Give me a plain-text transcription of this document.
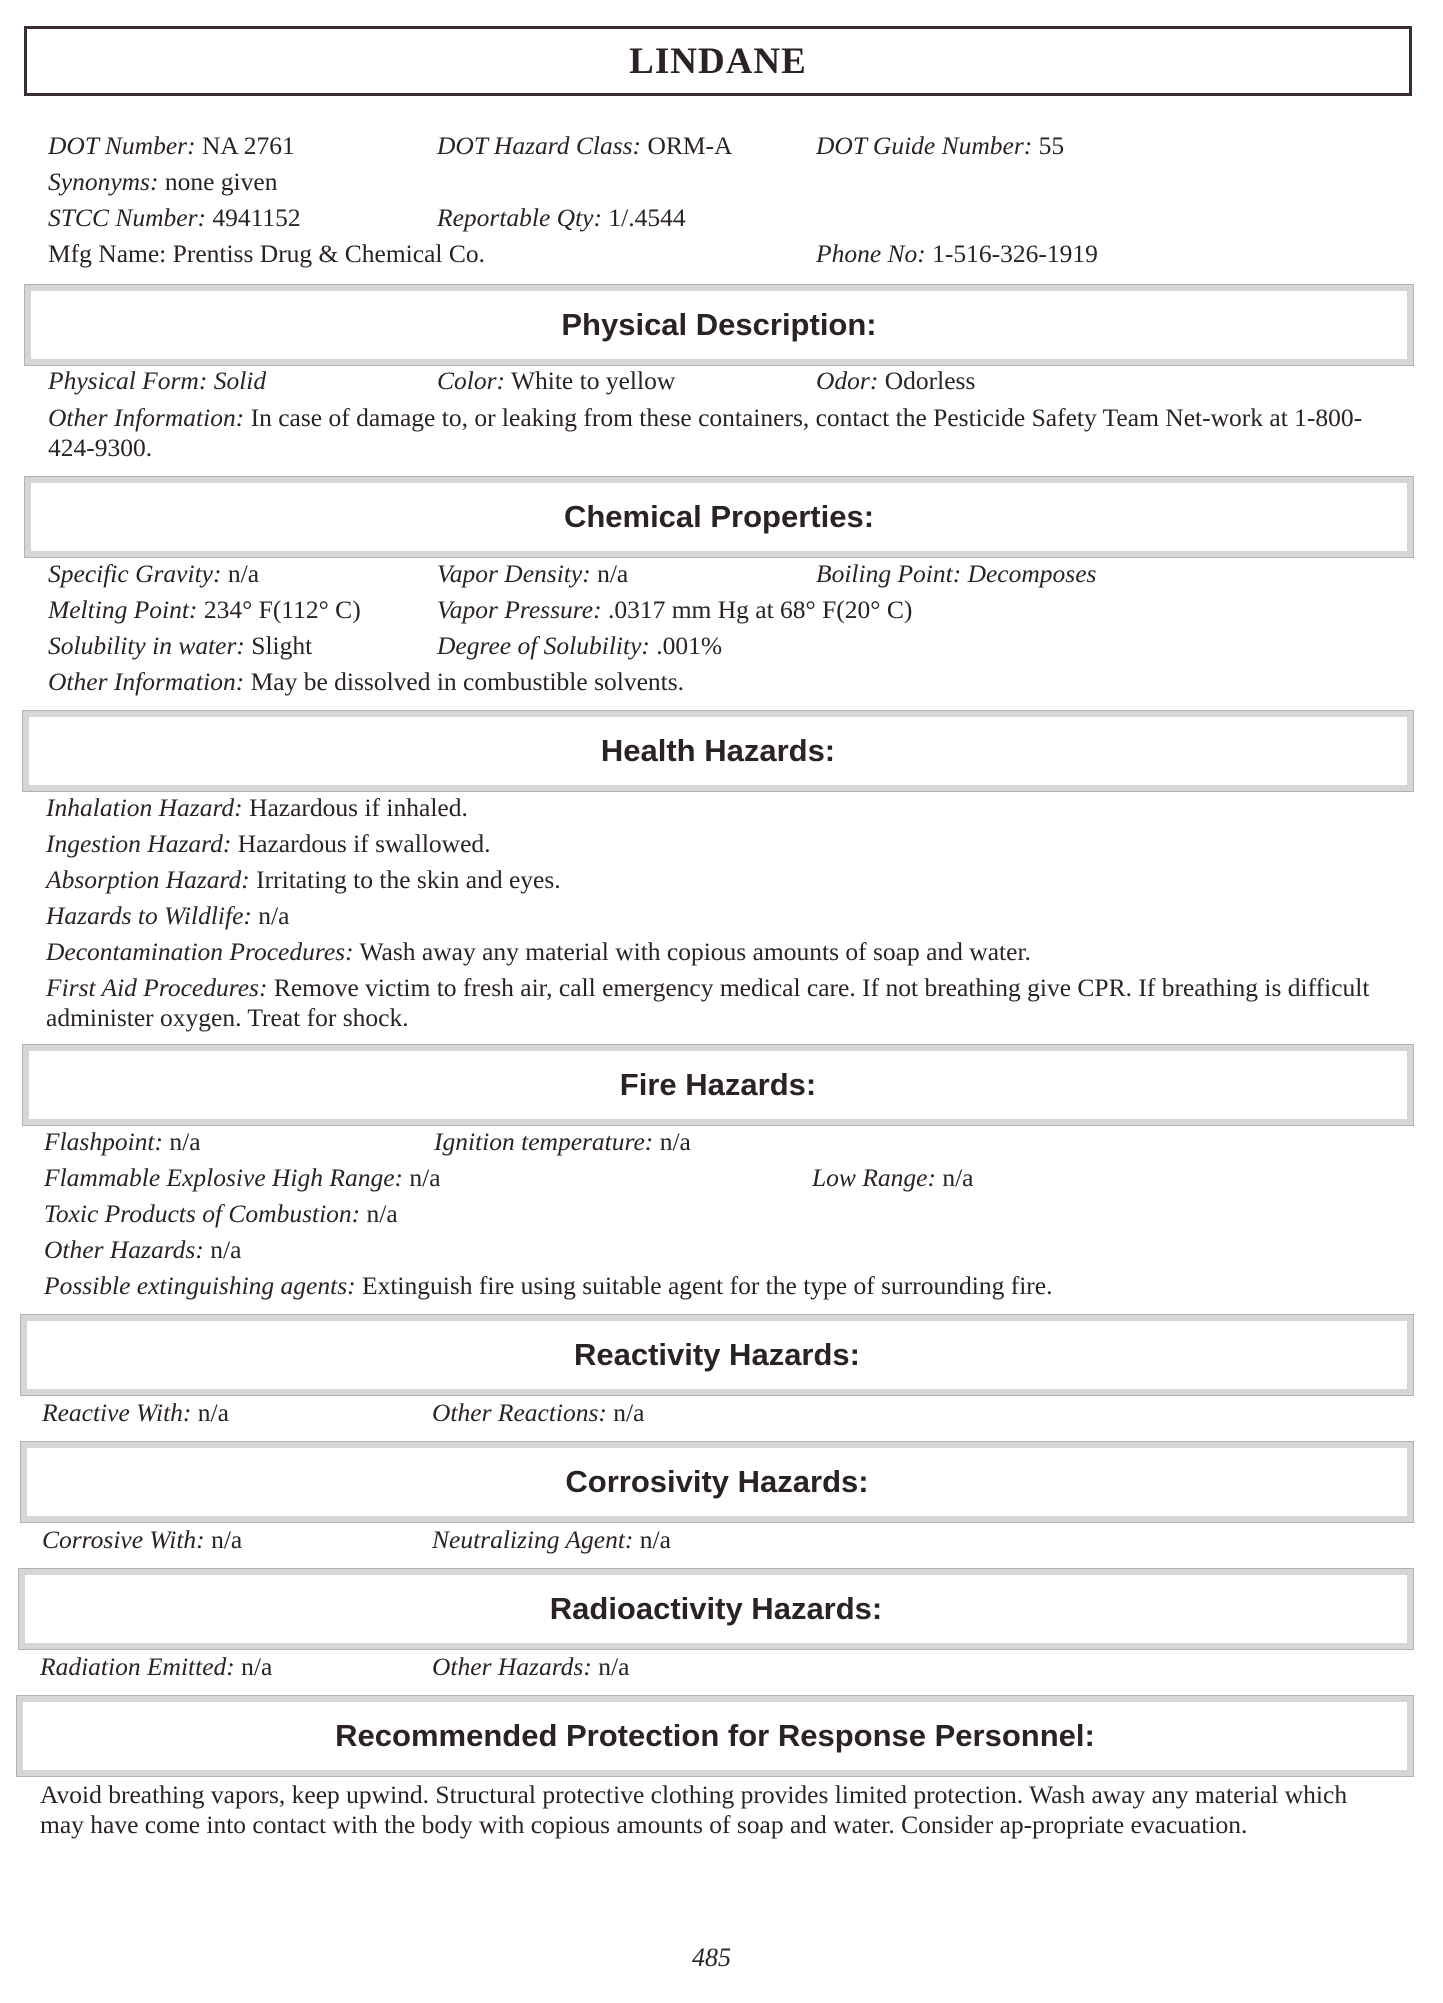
LINDANE
DOT Number: NA 2761	DOT Hazard Class: ORM-A	DOT Guide Number: 55
Synonyms: none given
STCC Number: 4941152	Reportable Qty: 1/.4544
Mfg Name: Prentiss Drug & Chemical Co.	Phone No: 1-516-326-1919
Physical Description:
Physical Form: Solid	Color: White to yellow	Odor: Odorless
Other Information: In case of damage to, or leaking from these containers, contact the Pesticide Safety Team Net-work at 1-800-424-9300.
Chemical Properties:
Specific Gravity: n/a	Vapor Density: n/a	Boiling Point: Decomposes
Melting Point: 234° F(112° C)	Vapor Pressure: .0317 mm Hg at 68° F(20° C)
Solubility in water: Slight	Degree of Solubility: .001%
Other Information: May be dissolved in combustible solvents.
Health Hazards:
Inhalation Hazard: Hazardous if inhaled.
Ingestion Hazard: Hazardous if swallowed.
Absorption Hazard: Irritating to the skin and eyes.
Hazards to Wildlife: n/a
Decontamination Procedures: Wash away any material with copious amounts of soap and water.
First Aid Procedures: Remove victim to fresh air, call emergency medical care. If not breathing give CPR. If breathing is difficult administer oxygen. Treat for shock.
Fire Hazards:
Flashpoint: n/a	Ignition temperature: n/a
Flammable Explosive High Range: n/a	Low Range: n/a
Toxic Products of Combustion: n/a
Other Hazards: n/a
Possible extinguishing agents: Extinguish fire using suitable agent for the type of surrounding fire.
Reactivity Hazards:
Reactive With: n/a	Other Reactions: n/a
Corrosivity Hazards:
Corrosive With: n/a	Neutralizing Agent: n/a
Radioactivity Hazards:
Radiation Emitted: n/a	Other Hazards: n/a
Recommended Protection for Response Personnel:
Avoid breathing vapors, keep upwind. Structural protective clothing provides limited protection. Wash away any material which may have come into contact with the body with copious amounts of soap and water. Consider ap-propriate evacuation.
485
